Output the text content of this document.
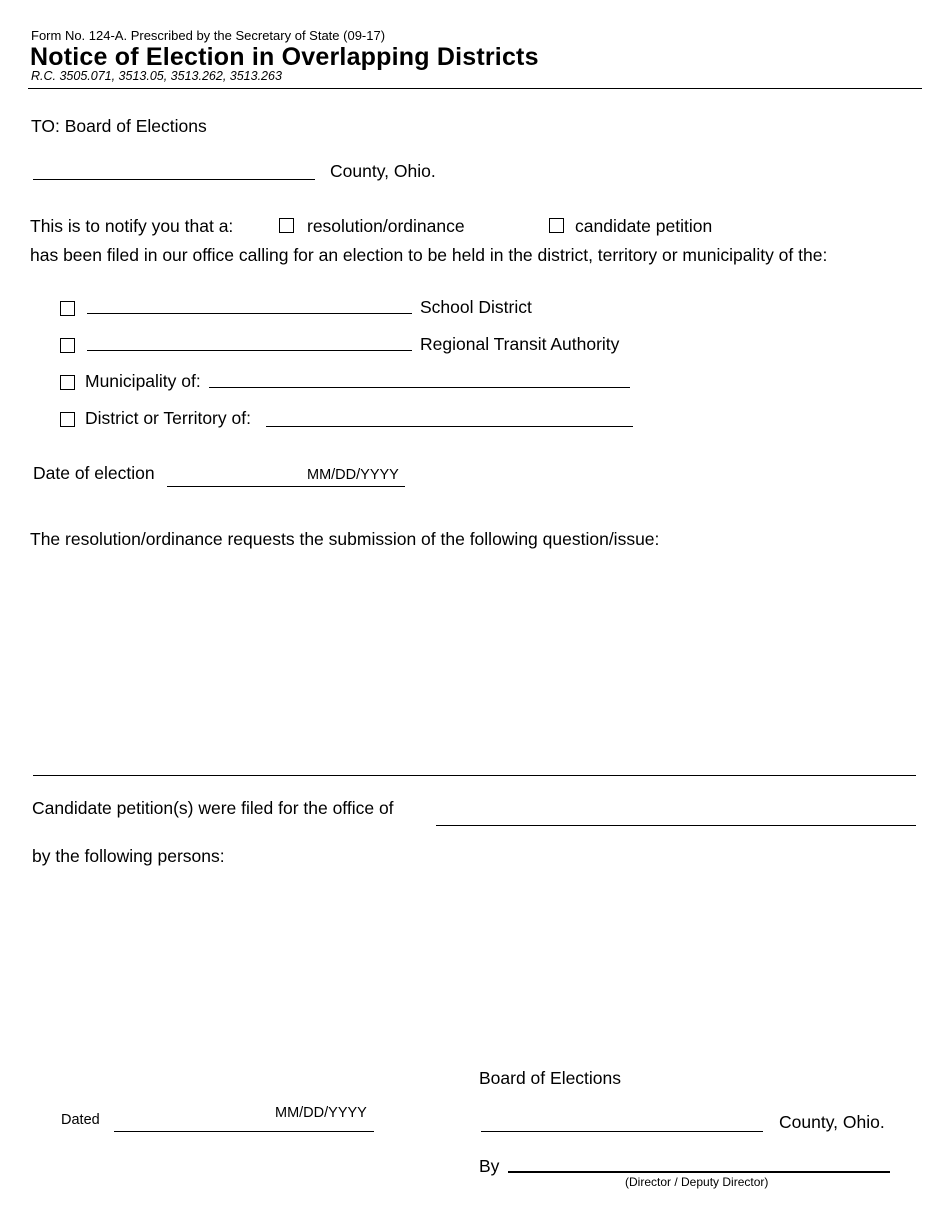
Form No. 124-A. Prescribed by the Secretary of State (09-17)
Notice of Election in Overlapping Districts
R.C. 3505.071, 3513.05, 3513.262, 3513.263
TO: Board of Elections
County, Ohio.
This is to notify you that a:	resolution/ordinance	candidate petition
has been filed in our office calling for an election to be held in the district, territory or municipality of the:
School District
Regional Transit Authority
Municipality of:
District or Territory of:
Date of election	MM/DD/YYYY
The resolution/ordinance requests the submission of the following question/issue:
Candidate petition(s) were filed for the office of
by the following persons:
Board of Elections
Dated	MM/DD/YYYY	County, Ohio.
By
(Director / Deputy Director)
